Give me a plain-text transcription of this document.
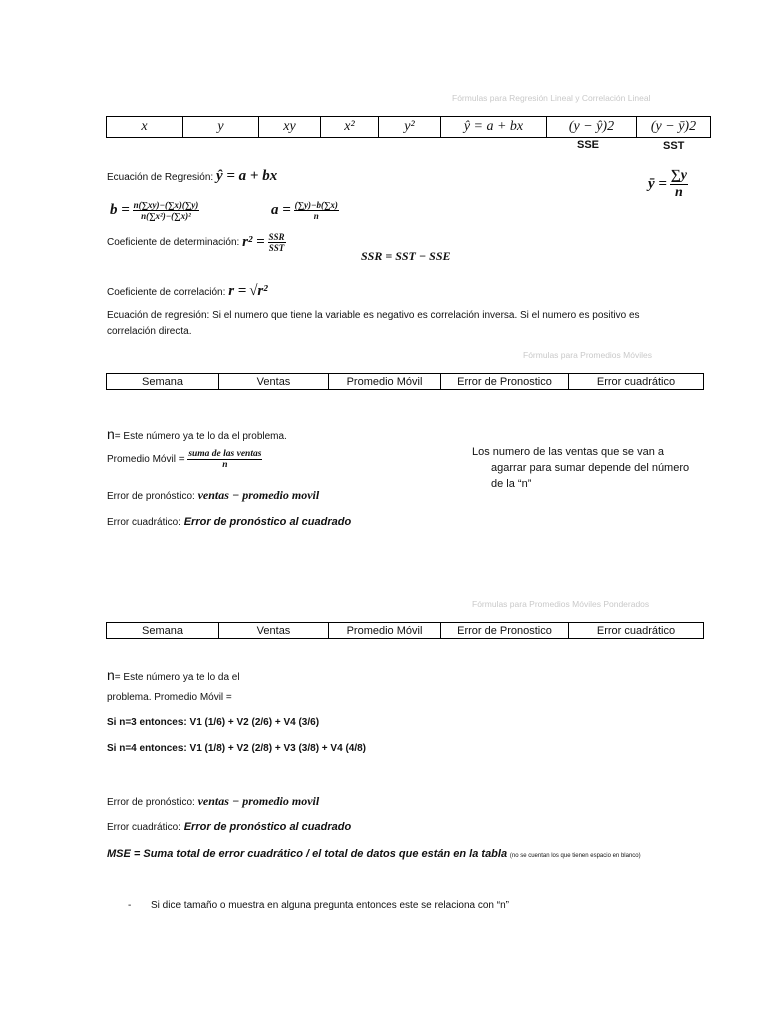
Fórmulas para Regresión Lineal y Correlación Lineal
x	y	xy	x²	y²	ŷ = a + bx	(y − ŷ)2	(y − ȳ)2
SSE	SST
Ecuación de Regresión: ŷ = a + bx	ȳ = $\frac{\sum y}{n}$
$b = \frac{n(\sum xy)-(\sum x)(\sum y)}{\text{n(∑x²)−(∑x)²}}$	$a = \frac{(\sum y)-b(\sum x)}{n}$
Coeficiente de determinación: $r^2 = \frac{\text{SSR}}{\text{SST}}$
SSR = SST − SSE
Coeficiente de correlación: r = √r²
Ecuación de regresión: Si el numero que tiene la variable es negativo es correlación inversa. Si el numero es positivo es
correlación directa.
Fórmulas para Promedios Móviles
Semana	Ventas	Promedio Móvil	Error de Pronostico	Error cuadrático
n= Este número ya te lo da el problema.
Promedio Móvil = $\frac{\text{suma de las ventas}}{n}$
Error de pronóstico: ventas − promedio movil
Error cuadrático: Error de pronóstico al cuadrado
Los numero de las ventas que se van a
agarrar para sumar depende del número
de la “n”
Fórmulas para Promedios Móviles Ponderados
Semana	Ventas	Promedio Móvil	Error de Pronostico	Error cuadrático
n= Este número ya te lo da el
problema. Promedio Móvil =
Si n=3 entonces: V1 (1/6) + V2 (2/6) + V4 (3/6)
Si n=4 entonces: V1 (1/8) + V2 (2/8) + V3 (3/8) + V4 (4/8)
Error de pronóstico: ventas − promedio movil
Error cuadrático: Error de pronóstico al cuadrado
MSE = Suma total de error cuadrático / el total de datos que están en la tabla (no se cuentan los que tienen espacio en blanco)
- Si dice tamaño o muestra en alguna pregunta entonces este se relaciona con “n”
